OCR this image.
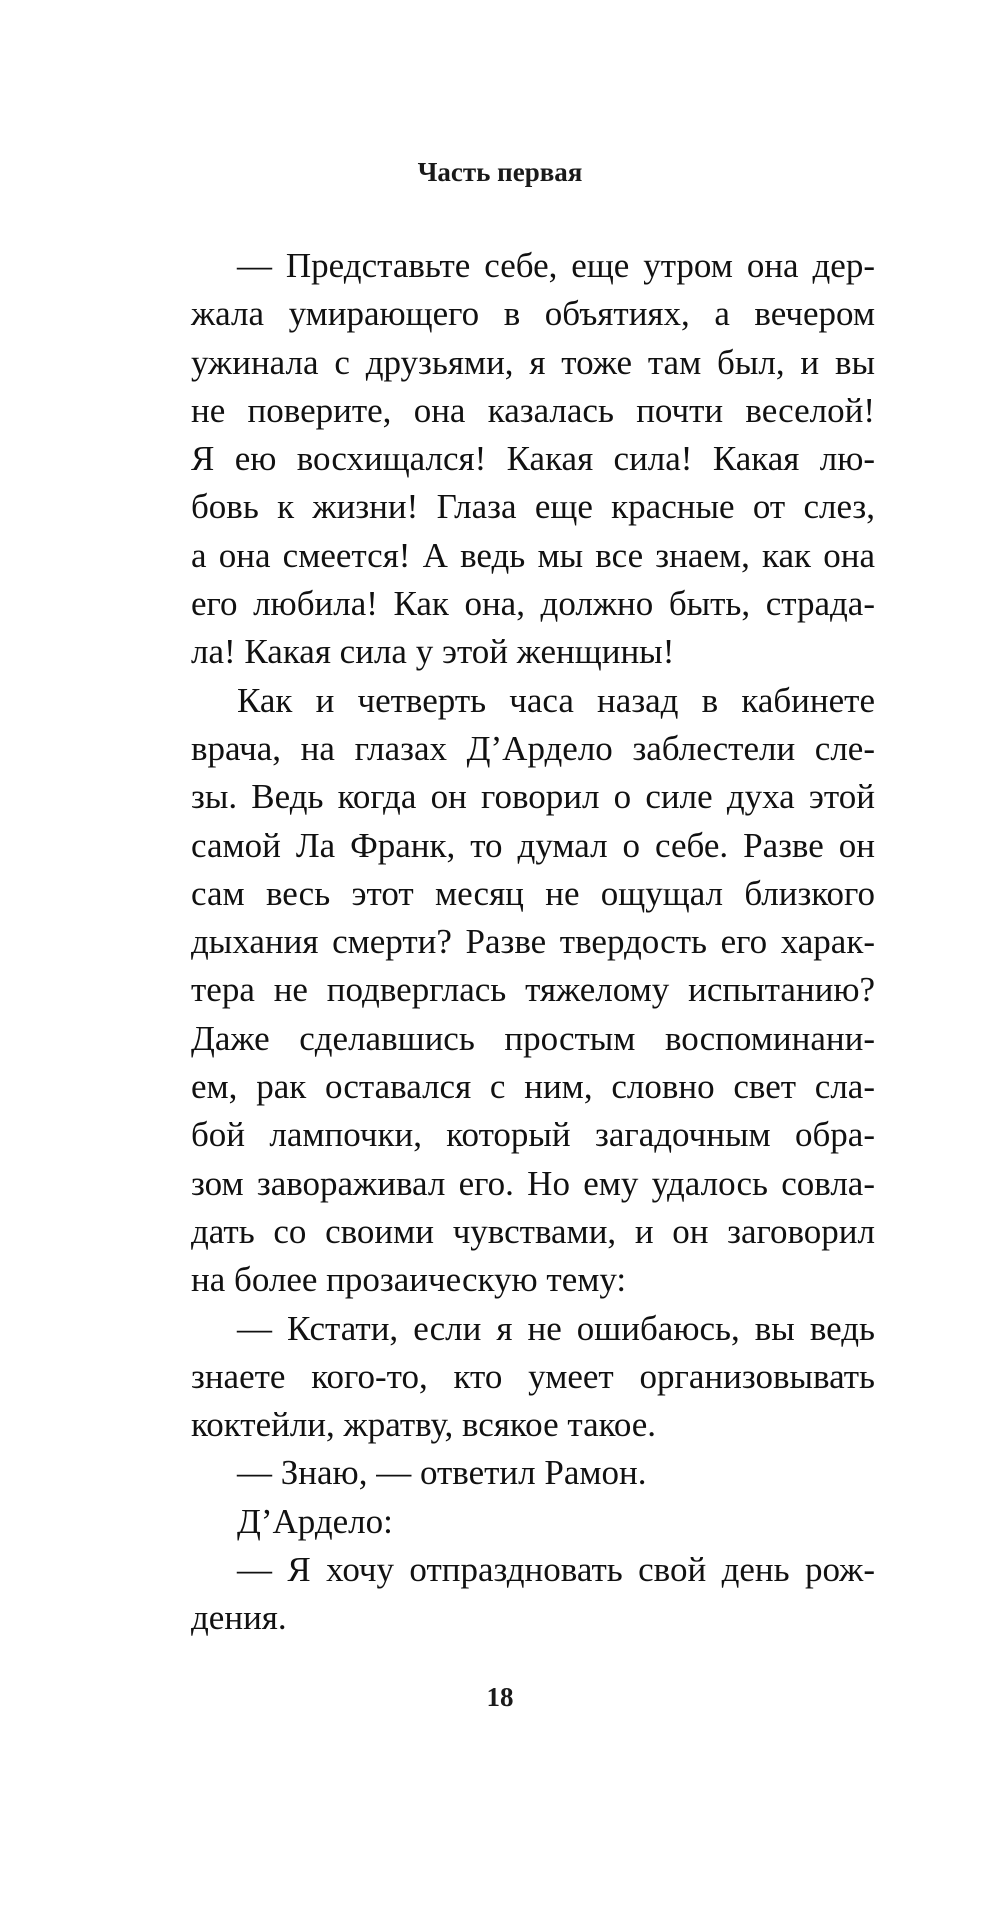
Часть первая
— Представьте себе, еще утром она дер-
жала умирающего в объятиях, а вечером
ужинала с друзьями, я тоже там был, и вы
не поверите, она казалась почти веселой!
Я ею восхищался! Какая сила! Какая лю-
бовь к жизни! Глаза еще красные от слез,
а она смеется! А ведь мы все знаем, как она
его любила! Как она, должно быть, страда-
ла! Какая сила у этой женщины!
Как и четверть часа назад в кабинете
врача, на глазах Д’Ардело заблестели сле-
зы. Ведь когда он говорил о силе духа этой
самой Ла Франк, то думал о себе. Разве он
сам весь этот месяц не ощущал близкого
дыхания смерти? Разве твердость его харак-
тера не подверглась тяжелому испытанию?
Даже сделавшись простым воспоминани-
ем, рак оставался с ним, словно свет сла-
бой лампочки, который загадочным обра-
зом завораживал его. Но ему удалось совла-
дать со своими чувствами, и он заговорил
на более прозаическую тему:
— Кстати, если я не ошибаюсь, вы ведь
знаете кого-то, кто умеет организовывать
коктейли, жратву, всякое такое.
— Знаю, — ответил Рамон.
Д’Ардело:
— Я хочу отпраздновать свой день рож-
дения.
18
